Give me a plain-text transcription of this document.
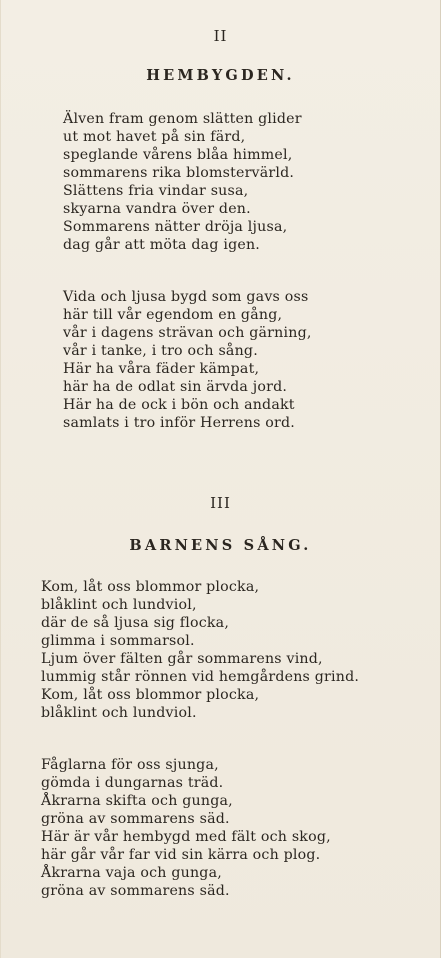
II
HEMBYGDEN.
Älven fram genom slätten glider
ut mot havet på sin färd,
speglande vårens blåa himmel,
sommarens rika blomstervärld.
Slättens fria vindar susa,
skyarna vandra över den.
Sommarens nätter dröja ljusa,
dag går att möta dag igen.
Vida och ljusa bygd som gavs oss
här till vår egendom en gång,
vår i dagens strävan och gärning,
vår i tanke, i tro och sång.
Här ha våra fäder kämpat,
här ha de odlat sin ärvda jord.
Här ha de ock i bön och andakt
samlats i tro inför Herrens ord.
III
BARNENS SÅNG.
Kom, låt oss blommor plocka,
blåklint och lundviol,
där de så ljusa sig flocka,
glimma i sommarsol.
Ljum över fälten går sommarens vind,
lummig står rönnen vid hemgårdens grind.
Kom, låt oss blommor plocka,
blåklint och lundviol.
Fåglarna för oss sjunga,
gömda i dungarnas träd.
Åkrarna skifta och gunga,
gröna av sommarens säd.
Här är vår hembygd med fält och skog,
här går vår far vid sin kärra och plog.
Åkrarna vaja och gunga,
gröna av sommarens säd.
